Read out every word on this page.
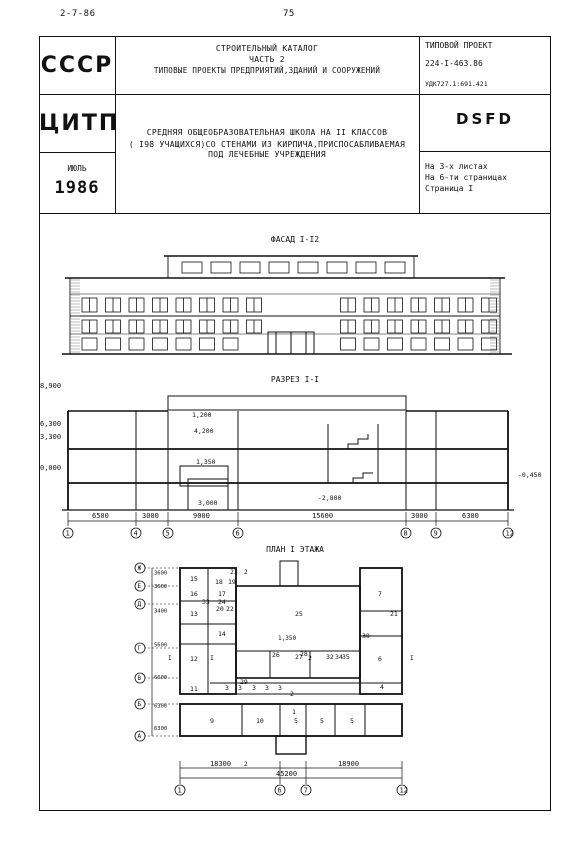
2-7-86	75
СССР
ЦИТП
ИЮЛЬ
1986
СТРОИТЕЛЬНЫЙ КАТАЛОГ
ЧАСТЬ 2
ТИПОВЫЕ ПРОЕКТЫ ПРЕДПРИЯТИЙ,ЗДАНИЙ И СООРУЖЕНИЙ
ТИПОВОЙ ПРОЕКТ
224-I-463.86
УДК727.1:691.421
СРЕДНЯЯ ОБЩЕОБРАЗОВАТЕЛЬНАЯ ШКОЛА НА II КЛАССОВ
( I98 УЧАЩИХСЯ)СО СТЕНАМИ ИЗ КИРПИЧА,ПРИСПОСАБЛИВАЕМАЯ
ПОД ЛЕЧЕБНЫЕ УЧРЕЖДЕНИЯ
DSFD
На 3-х листах
На 6-ти страницах
Страница I
ФАСАД I-I2
РАЗРЕЗ I-I
8,900
6,300
3,300
0,000
1,200
4,200
1,350
3,000
-2,800
-0,450
6500	3000	9000	15600	3000	6300
1	4	5	6	8	9	12
ПЛАН I ЭТАЖА
Ж
Е
Д
Г
В
Б
А
3600
3600
3400
5600
6600
6300
6300
25
30
7
21
6
15
13
14
12
9	10	5	5	5
4
2
1
28
26 27	32 35
3 3 3 3 3
29
11
16	17
18 19
20 22
23
24
33
34
2
I
1,350
2
2
I	I
18300	18900
45200
1	6	7	12
